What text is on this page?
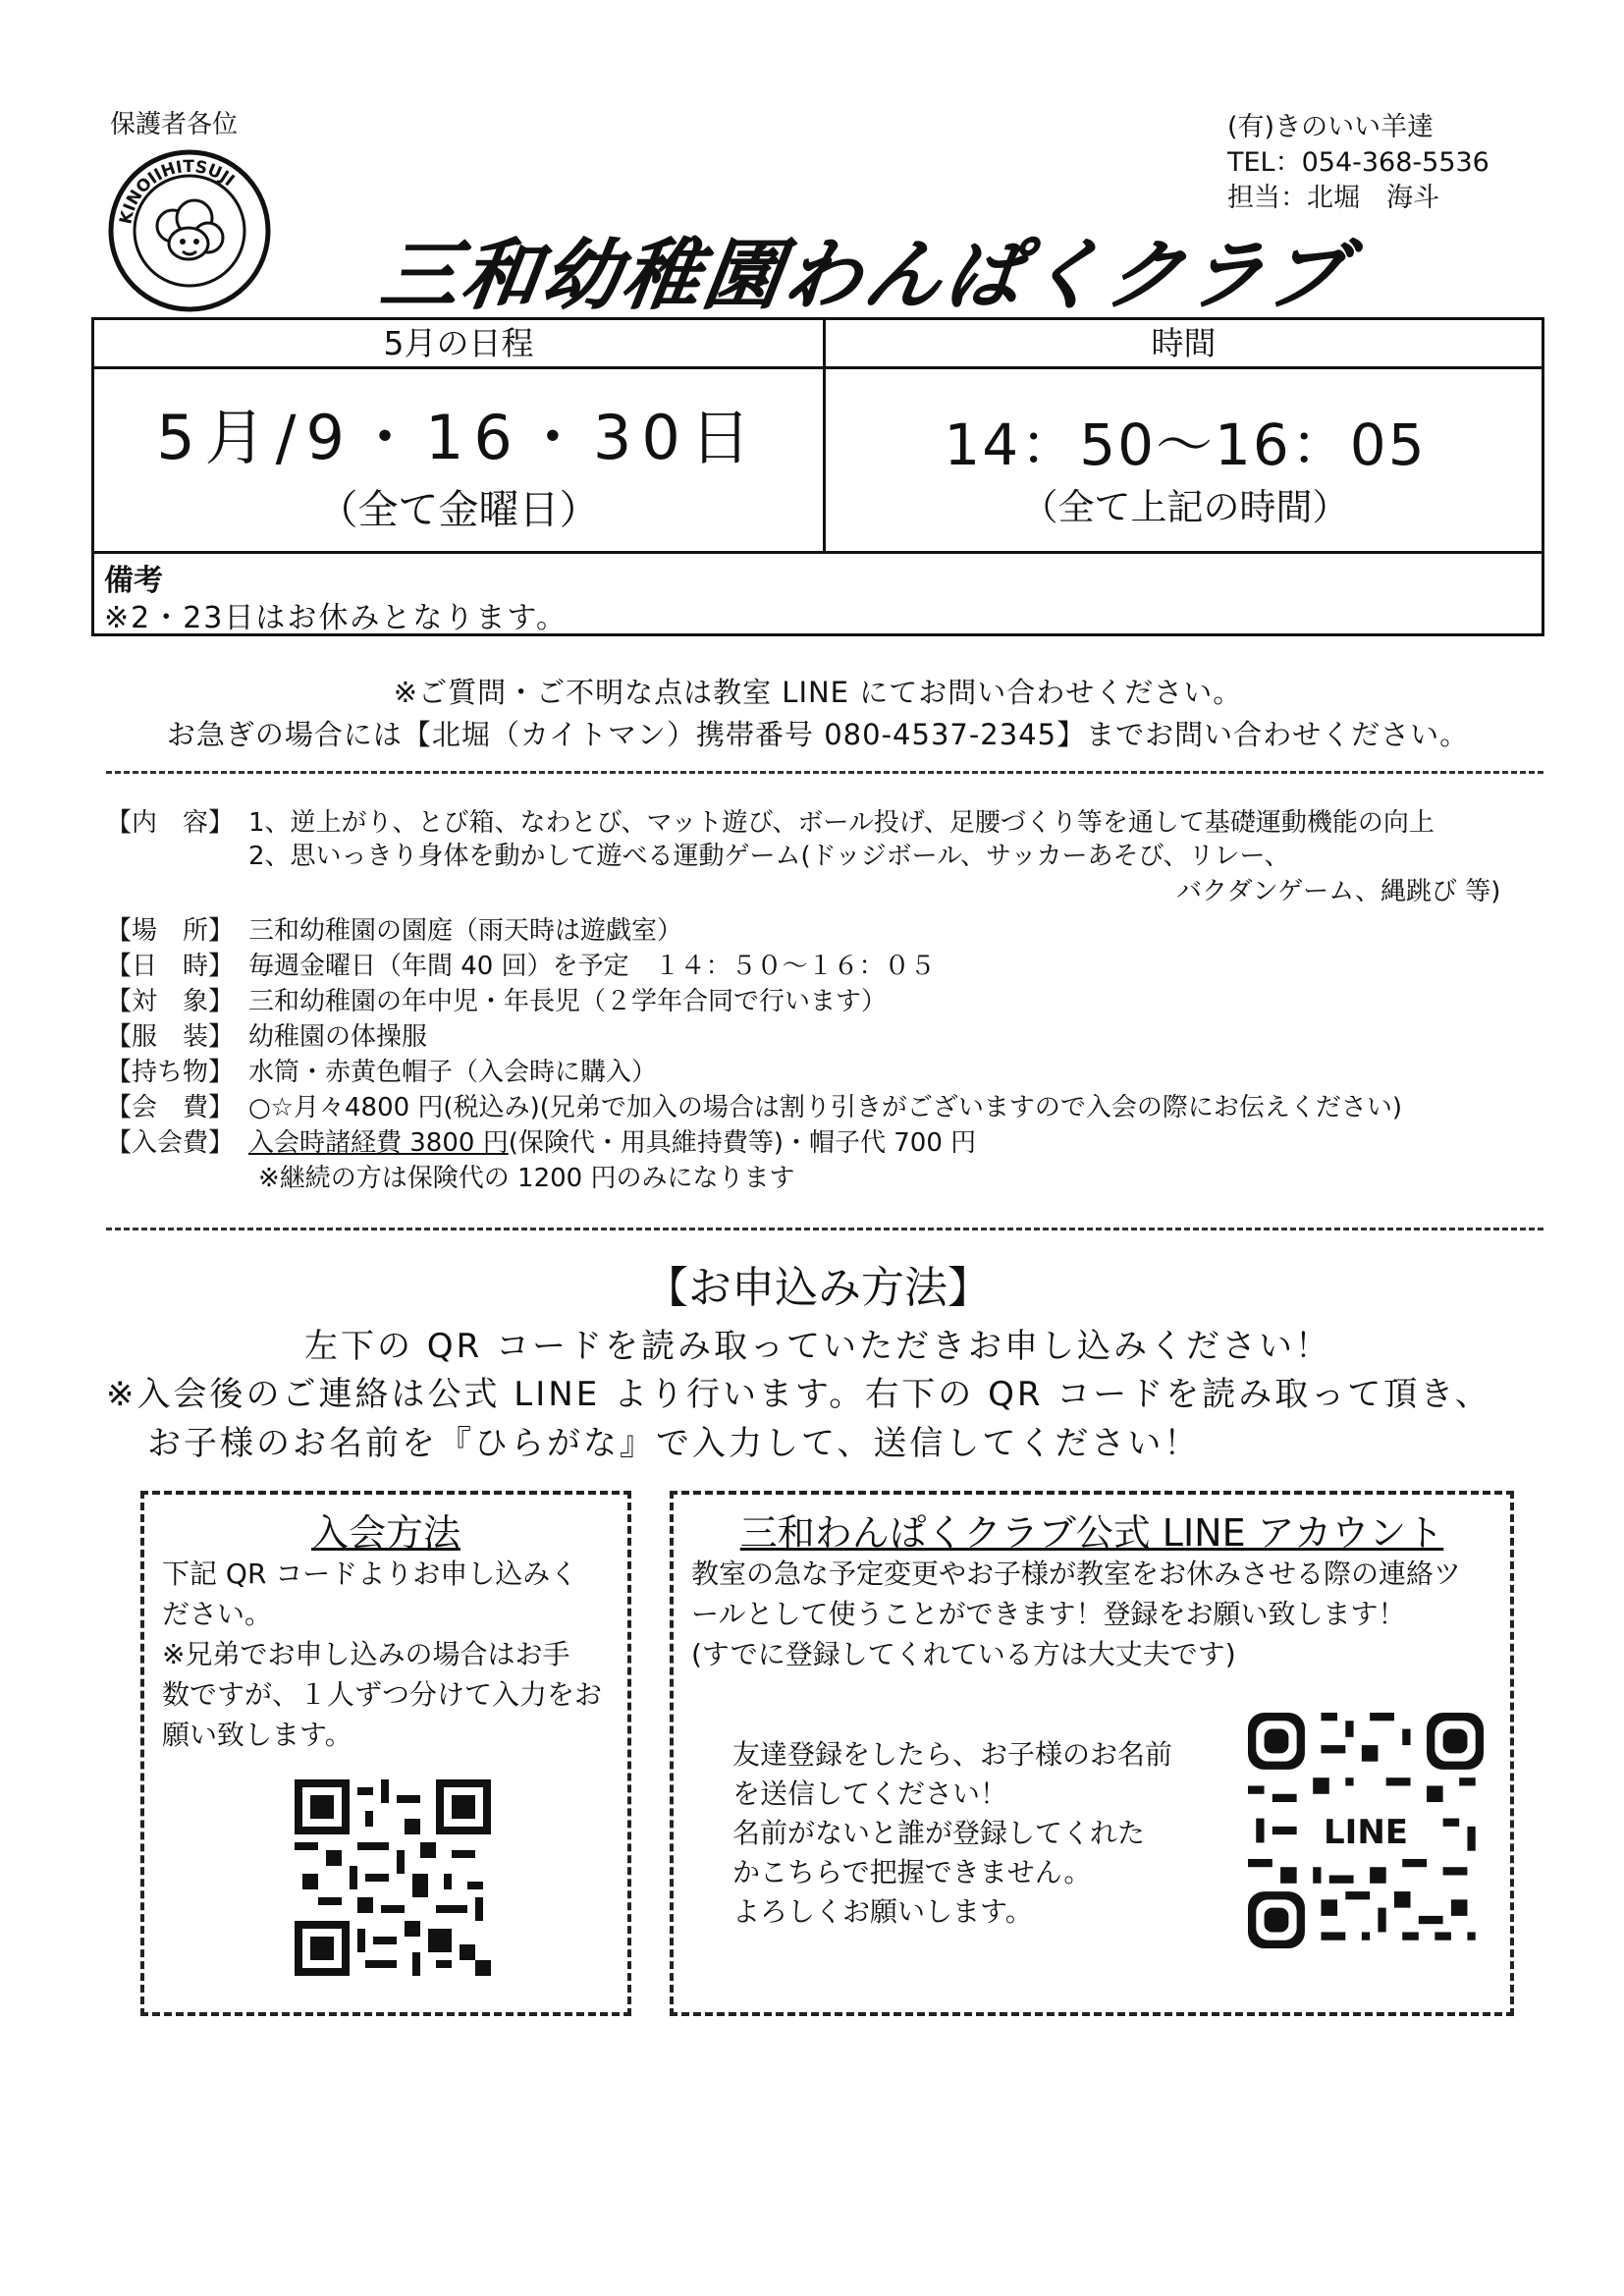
保護者各位	(有)きのいい羊達
TEL：054-368-5536
担当：北堀　海斗
KINOIIHITSUJI
三和幼稚園わんぱくクラブ
5月の日程	時間
5月/9・16・30日
（全て金曜日）
14：50〜16：05
（全て上記の時間）
備考
※2・23日はお休みとなります。
※ご質問・ご不明な点は教室 LINE にてお問い合わせください。
お急ぎの場合には【北堀（カイトマン）携帯番号 080-4537-2345】までお問い合わせください。
【内　容】 1、逆上がり、とび箱、なわとび、マット遊び、ボール投げ、足腰づくり等を通して基礎運動機能の向上
2、思いっきり身体を動かして遊べる運動ゲーム(ドッジボール、サッカーあそび、リレー、
バクダンゲーム、縄跳び 等)
【場　所】 三和幼稚園の園庭（雨天時は遊戯室）
【日　時】 毎週金曜日（年間 40 回）を予定　１４：５０〜１６：０５
【対　象】 三和幼稚園の年中児・年長児（２学年合同で行います）
【服　装】 幼稚園の体操服
【持ち物】 水筒・赤黄色帽子（入会時に購入）
【会　費】 ○☆月々4800 円(税込み)(兄弟で加入の場合は割り引きがございますので入会の際にお伝えください)
【入会費】 入会時諸経費 3800 円(保険代・用具維持費等)・帽子代 700 円
※継続の方は保険代の 1200 円のみになります
【お申込み方法】
左下の QR コードを読み取っていただきお申し込みください！
※入会後のご連絡は公式 LINE より行います。右下の QR コードを読み取って頂き、
お子様のお名前を『ひらがな』で入力して、送信してください！
入会方法
下記 QR コードよりお申し込みく
ださい。
※兄弟でお申し込みの場合はお手
数ですが、１人ずつ分けて入力をお
願い致します。
三和わんぱくクラブ公式 LINE アカウント
教室の急な予定変更やお子様が教室をお休みさせる際の連絡ツ
ールとして使うことができます！登録をお願い致します！
(すでに登録してくれている方は大丈夫です)
友達登録をしたら、お子様のお名前
を送信してください！
名前がないと誰が登録してくれた
かこちらで把握できません。
よろしくお願いします。
LINE
